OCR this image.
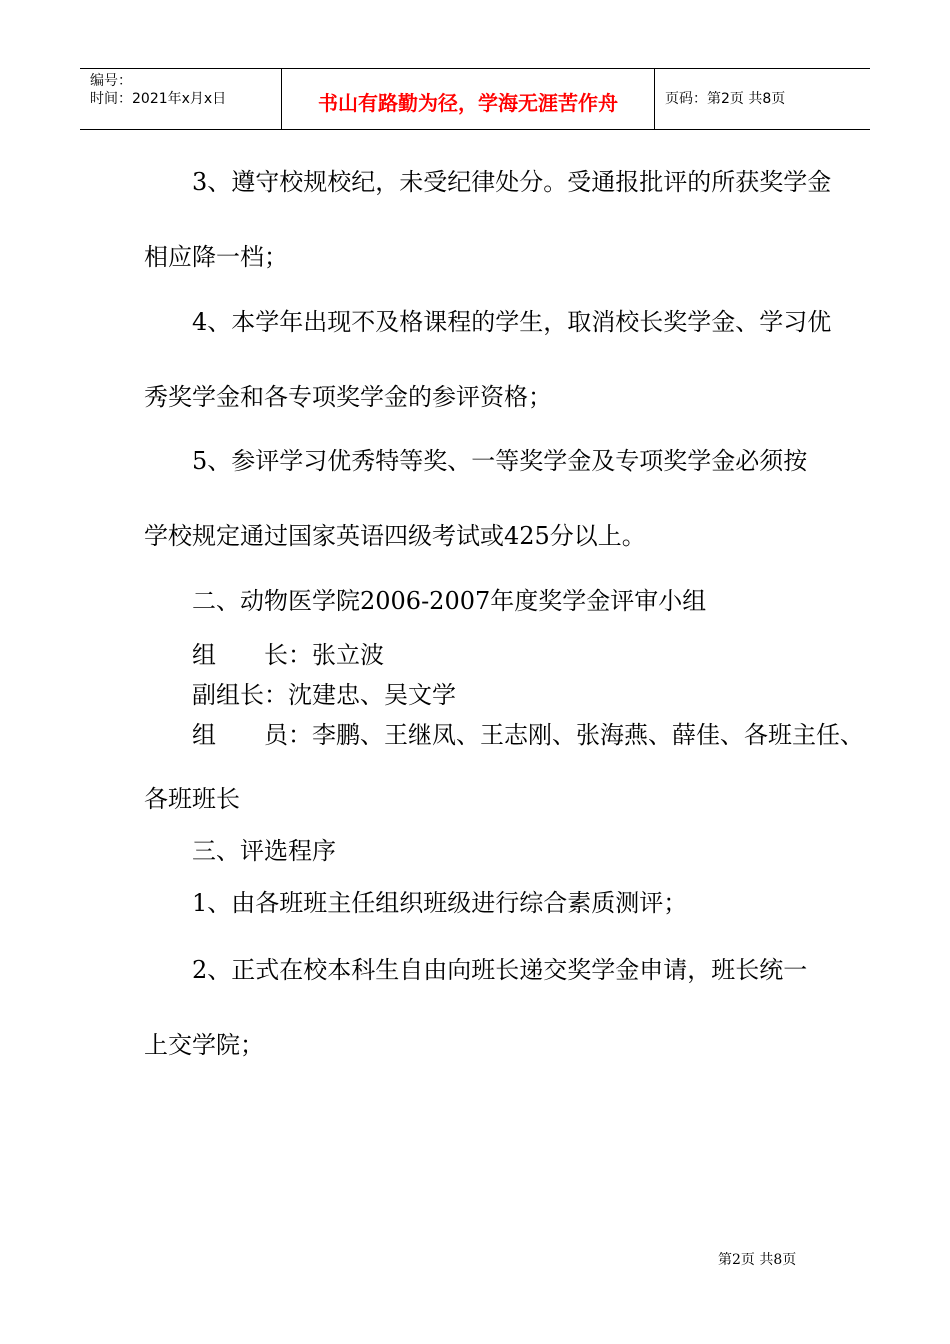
编号：
时间：2021年x月x日	书山有路勤为径，学海无涯苦作舟	页码：第2页 共8页
3、遵守校规校纪，未受纪律处分。受通报批评的所获奖学金
相应降一档；
4、本学年出现不及格课程的学生，取消校长奖学金、学习优
秀奖学金和各专项奖学金的参评资格；
5、参评学习优秀特等奖、一等奖学金及专项奖学金必须按
学校规定通过国家英语四级考试或425分以上。
二、动物医学院2006-2007年度奖学金评审小组
组　　长：张立波
副组长：沈建忠、吴文学
组　　员：李鹏、王继凤、王志刚、张海燕、薛佳、各班主任、
各班班长
三、评选程序
1、由各班班主任组织班级进行综合素质测评；
2、正式在校本科生自由向班长递交奖学金申请，班长统一
上交学院；
第2页 共8页
